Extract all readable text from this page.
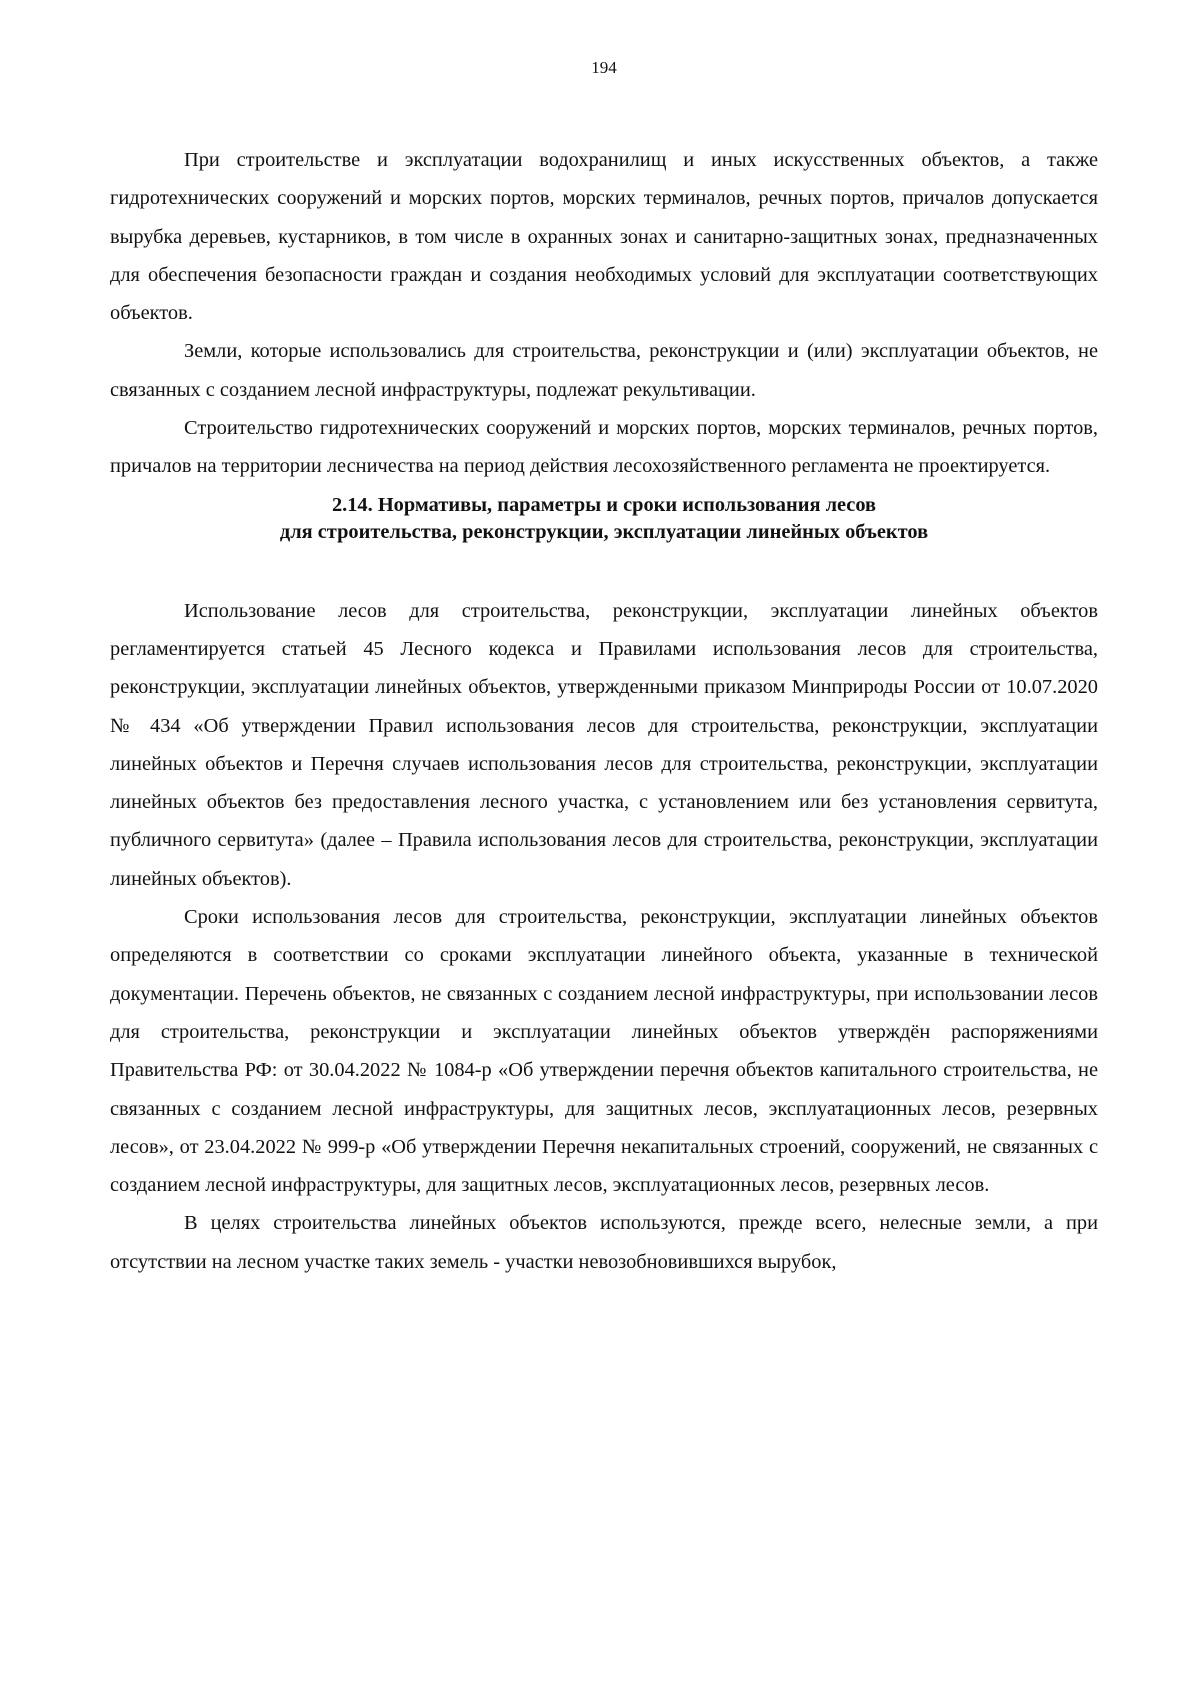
194

При строительстве и эксплуатации водохранилищ и иных искусственных объектов, а также гидротехнических сооружений и морских портов, морских терминалов, речных портов, причалов допускается вырубка деревьев, кустарников, в том числе в охранных зонах и санитарно-защитных зонах, предназначенных для обеспечения безопасности граждан и создания необходимых условий для эксплуатации соответствующих объектов.

Земли, которые использовались для строительства, реконструкции и (или) эксплуатации объектов, не связанных с созданием лесной инфраструктуры, подлежат рекультивации.

Строительство гидротехнических сооружений и морских портов, морских терминалов, речных портов, причалов на территории лесничества на период действия лесохозяйственного регламента не проектируется.

2.14. Нормативы, параметры и сроки использования лесов
для строительства, реконструкции, эксплуатации линейных объектов

Использование лесов для строительства, реконструкции, эксплуатации линейных объектов регламентируется статьей 45 Лесного кодекса и Правилами использования лесов для строительства, реконструкции, эксплуатации линейных объектов, утвержденными приказом Минприроды России от 10.07.2020 № 434 «Об утверждении Правил использования лесов для строительства, реконструкции, эксплуатации линейных объектов и Перечня случаев использования лесов для строительства, реконструкции, эксплуатации линейных объектов без предоставления лесного участка, с установлением или без установления сервитута, публичного сервитута» (далее – Правила использования лесов для строительства, реконструкции, эксплуатации линейных объектов).

Сроки использования лесов для строительства, реконструкции, эксплуатации линейных объектов определяются в соответствии со сроками эксплуатации линейного объекта, указанные в технической документации. Перечень объектов, не связанных с созданием лесной инфраструктуры, при использовании лесов для строительства, реконструкции и эксплуатации линейных объектов утверждён распоряжениями Правительства РФ: от 30.04.2022 № 1084-р «Об утверждении перечня объектов капитального строительства, не связанных с созданием лесной инфраструктуры, для защитных лесов, эксплуатационных лесов, резервных лесов», от 23.04.2022 № 999-р «Об утверждении Перечня некапитальных строений, сооружений, не связанных с созданием лесной инфраструктуры, для защитных лесов, эксплуатационных лесов, резервных лесов.

В целях строительства линейных объектов используются, прежде всего, нелесные земли, а при отсутствии на лесном участке таких земель - участки невозобновившихся вырубок,
